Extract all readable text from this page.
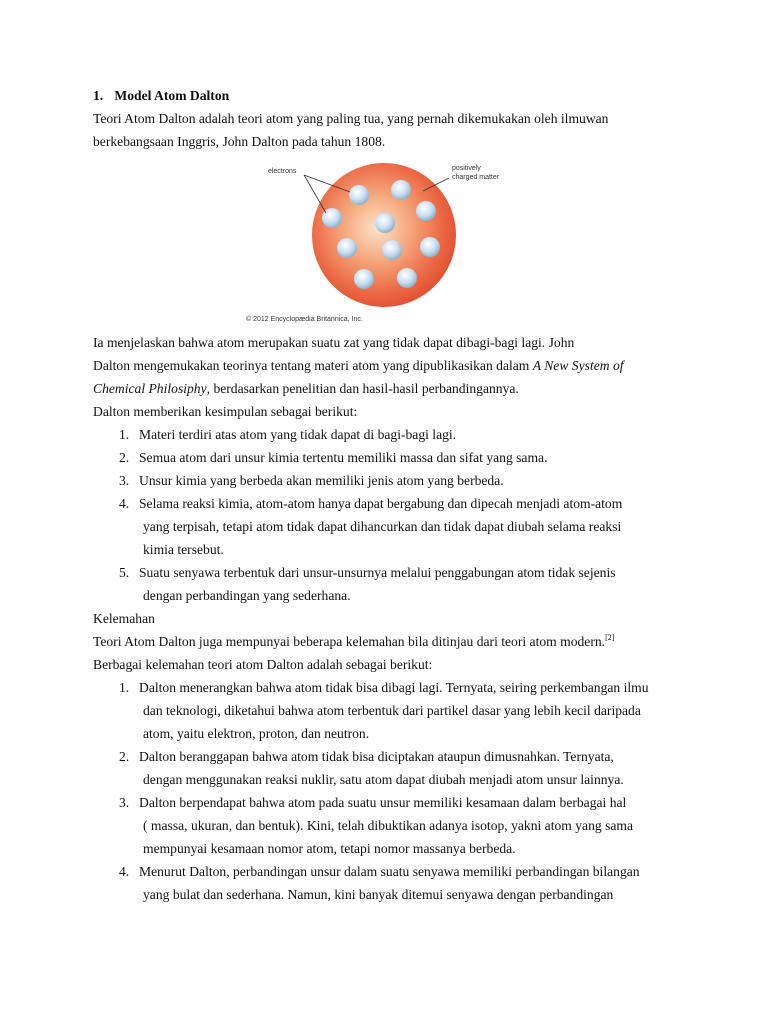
1. Model Atom Dalton
Teori Atom Dalton adalah teori atom yang paling tua, yang pernah dikemukakan oleh ilmuwan
berkebangsaan Inggris, John Dalton pada tahun 1808.
electrons	positively
charged matter
© 2012 Encyclopædia Britannica, Inc.
Ia menjelaskan bahwa atom merupakan suatu zat yang tidak dapat dibagi-bagi lagi. John
Dalton mengemukakan teorinya tentang materi atom yang dipublikasikan dalam A New System of
Chemical Philosiphy, berdasarkan penelitian dan hasil-hasil perbandingannya.
Dalton memberikan kesimpulan sebagai berikut:
1. Materi terdiri atas atom yang tidak dapat di bagi-bagi lagi.
2. Semua atom dari unsur kimia tertentu memiliki massa dan sifat yang sama.
3. Unsur kimia yang berbeda akan memiliki jenis atom yang berbeda.
4. Selama reaksi kimia, atom-atom hanya dapat bergabung dan dipecah menjadi atom-atom
yang terpisah, tetapi atom tidak dapat dihancurkan dan tidak dapat diubah selama reaksi
kimia tersebut.
5. Suatu senyawa terbentuk dari unsur-unsurnya melalui penggabungan atom tidak sejenis
dengan perbandingan yang sederhana.
Kelemahan
Teori Atom Dalton juga mempunyai beberapa kelemahan bila ditinjau dari teori atom modern.[2]
Berbagai kelemahan teori atom Dalton adalah sebagai berikut:
1. Dalton menerangkan bahwa atom tidak bisa dibagi lagi. Ternyata, seiring perkembangan ilmu
dan teknologi, diketahui bahwa atom terbentuk dari partikel dasar yang lebih kecil daripada
atom, yaitu elektron, proton, dan neutron.
2. Dalton beranggapan bahwa atom tidak bisa diciptakan ataupun dimusnahkan. Ternyata,
dengan menggunakan reaksi nuklir, satu atom dapat diubah menjadi atom unsur lainnya.
3. Dalton berpendapat bahwa atom pada suatu unsur memiliki kesamaan dalam berbagai hal
( massa, ukuran, dan bentuk). Kini, telah dibuktikan adanya isotop, yakni atom yang sama
mempunyai kesamaan nomor atom, tetapi nomor massanya berbeda.
4. Menurut Dalton, perbandingan unsur dalam suatu senyawa memiliki perbandingan bilangan
yang bulat dan sederhana. Namun, kini banyak ditemui senyawa dengan perbandingan
